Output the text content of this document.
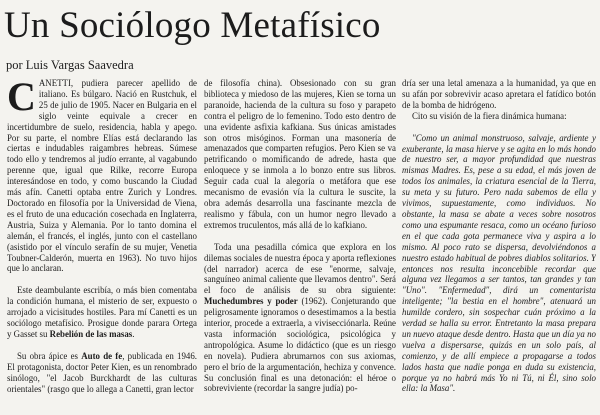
Un Sociólogo Metafísico
por Luis Vargas Saavedra

CANETTI, pudiera parecer apellido de italiano. Es búlgaro. Nació en Rustchuk, el 25 de julio de 1905. Nacer en Bulgaria en el siglo veinte equivale a crecer en incertidumbre de suelo, residencia, habla y apego. Por su parte, el nombre Elías está declarando las ciertas e indudables raigambres hebreas. Súmese todo ello y tendremos al judío errante, al vagabundo perenne que, igual que Rilke, recorre Europa interesándose en todo, y como buscando la Ciudad más afín. Canetti optaba entre Zurich y Londres. Doctorado en filosofía por la Universidad de Viena, es el fruto de una educación cosechada en Inglaterra, Austria, Suiza y Alemania. Por lo tanto domina el alemán, el francés, el inglés, junto con el castellano (asistido por el vínculo serafín de su mujer, Venetia Toubner-Calderón, muerta en 1963). No tuvo hijos que lo anclaran.

Este deambulante escribía, o más bien comentaba la condición humana, el misterio de ser, expuesto o arrojado a vicisitudes hostiles. Para mí Canetti es un sociólogo metafísico. Prosigue donde parara Ortega y Gasset su Rebelión de las masas.

Su obra ápice es Auto de fe, publicada en 1946. El protagonista, doctor Peter Kien, es un renombrado sinólogo, "el Jacob Burckhardt de las culturas orientales" (rasgo que lo allega a Canetti, gran lector

de filosofía china). Obsesionado con su gran biblioteca y miedoso de las mujeres, Kien se torna un paranoide, hacienda de la cultura su foso y parapeto contra el peligro de lo femenino. Todo esto dentro de una evidente asfixia kafkiana. Sus únicas amistades son otros misóginos. Forman una masonería de amenazados que comparten refugios. Pero Kien se va petrificando o momificando de adrede, hasta que enloquece y se inmola a lo bonzo entre sus libros. Seguir cada cual la alegoría o metáfora que ese mecanismo de evasión vía la cultura le suscite, la obra además desarrolla una fascinante mezcla de realismo y fábula, con un humor negro llevado a extremos truculentos, más allá de lo kafkiano.

Toda una pesadilla cómica que explora en los dilemas sociales de nuestra época y aporta reflexiones (del narrador) acerca de ese "enorme, salvaje, sanguíneo animal caliente que llevamos dentro". Será el foco de análisis de su obra siguiente: Muchedumbres y poder (1962). Conjeturando que peligrosamente ignoramos o desestimamos a la bestia interior, procede a extraerla, a vivisecciónarla. Reúne vasta información sociológica, psicológica y antropológica. Asume lo didáctico (que es un riesgo en novela). Pudiera abrumarnos con sus axiomas, pero el brío de la argumentación, hechiza y convence. Su conclusión final es una detonación: el héroe o sobreviviente (recordar la sangre judía) po-

dría ser una letal amenaza a la humanidad, ya que en su afán por sobrevivir acaso apretara el fatídico botón de la bomba de hidrógeno.

Cito su visión de la fiera dinámica humana:

"Como un animal monstruoso, salvaje, ardiente y exuberante, la masa hierve y se agita en lo más hondo de nuestro ser, a mayor profundidad que nuestras mismas Madres. Es, pese a su edad, el más joven de todos los animales, la criatura esencial de la Tierra, su meta y su futuro. Pero nada sabemos de ella y vivimos, supuestamente, como individuos. No obstante, la masa se abate a veces sobre nosotros como una espumante resaca, como un océano furioso en el que cada gota permanece viva y aspira a lo mismo. Al poco rato se dispersa, devolviéndonos a nuestro estado habitual de pobres diablos solitarios. Y entonces nos resulta inconcebible recordar que alguna vez llegamos a ser tantos, tan grandes y tan "Uno". "Enfermedad", dirá un comentarista inteligente; "la bestia en el hombre", atenuará un humilde cordero, sin sospechar cuán próximo a la verdad se halla su error. Entretanto la masa prepara un nuevo ataque desde dentro. Hasta que un día ya no vuelva a dispersarse, quizás en un solo país, al comienzo, y de allí empiece a propagarse a todos lados hasta que nadie ponga en duda su existencia, porque ya no habrá más Yo ni Tú, ni Él, sino solo ella: la Masa".
